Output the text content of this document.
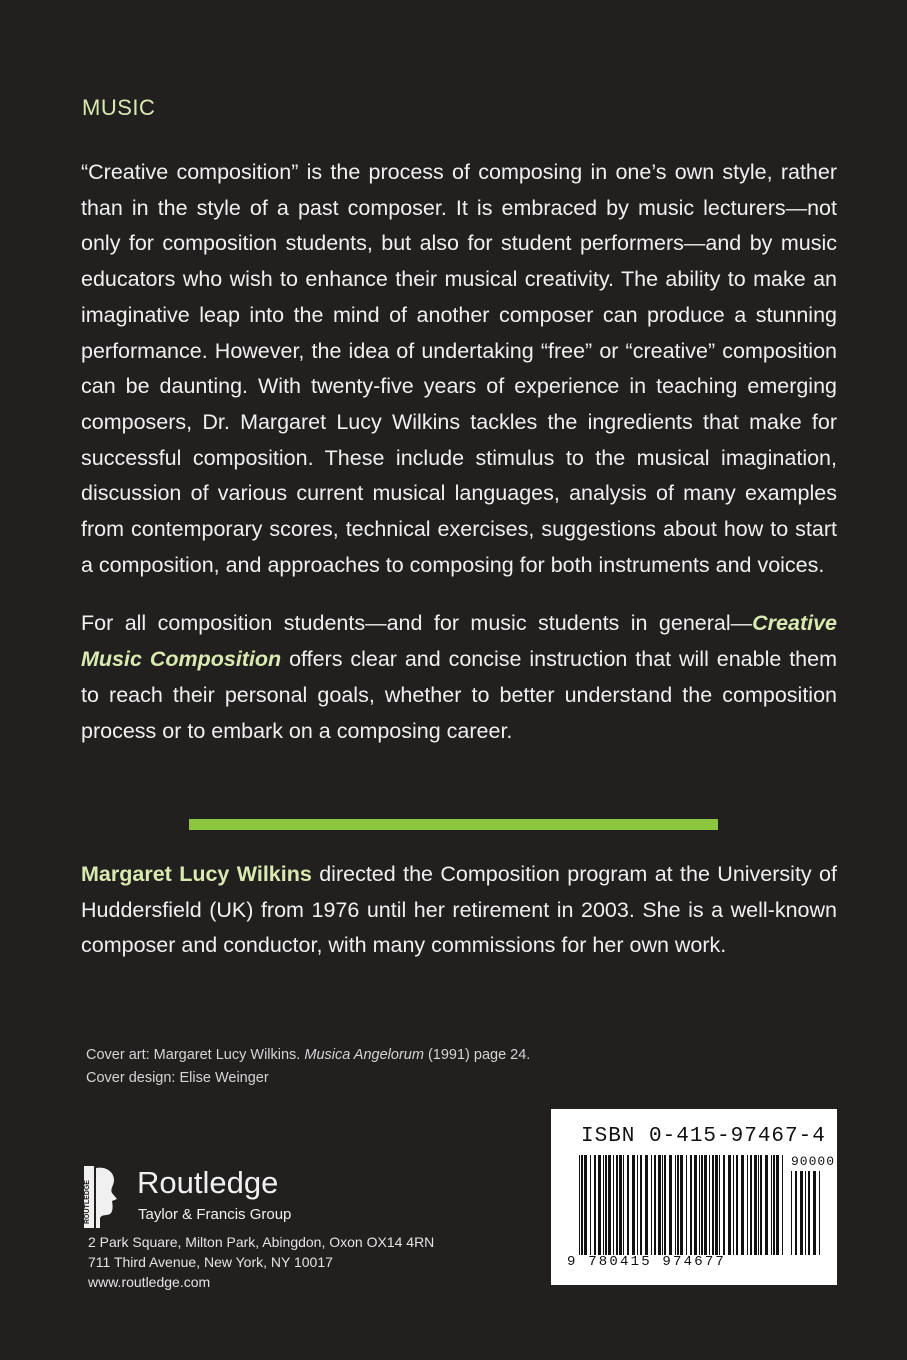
MUSIC

“Creative composition” is the process of composing in one’s own style, rather than in the style of a past composer. It is embraced by music lecturers—not only for composition students, but also for student performers—and by music educators who wish to enhance their musical creativity. The ability to make an imaginative leap into the mind of another composer can produce a stunning performance. However, the idea of undertaking “free” or “creative” composition can be daunting. With twenty-five years of experience in teaching emerging composers, Dr. Margaret Lucy Wilkins tackles the ingredients that make for successful composition. These include stimulus to the musical imagination, discussion of various current musical languages, analysis of many examples from contemporary scores, technical exercises, suggestions about how to start a composition, and approaches to composing for both instruments and voices.

For all composition students—and for music students in general—Creative Music Composition offers clear and concise instruction that will enable them to reach their personal goals, whether to better understand the composition process or to embark on a composing career.

Margaret Lucy Wilkins directed the Composition program at the University of Huddersfield (UK) from 1976 until her retirement in 2003. She is a well-known composer and conductor, with many commissions for her own work.
Cover art: Margaret Lucy Wilkins. Musica Angelorum (1991) page 24.
Cover design: Elise Weinger
ROUTLEDGE Routledge
Taylor & Francis Group
2 Park Square, Milton Park, Abingdon, Oxon OX14 4RN
711 Third Avenue, New York, NY 10017
www.routledge.com
ISBN 0-415-97467-4
90000
9 780415 974677
